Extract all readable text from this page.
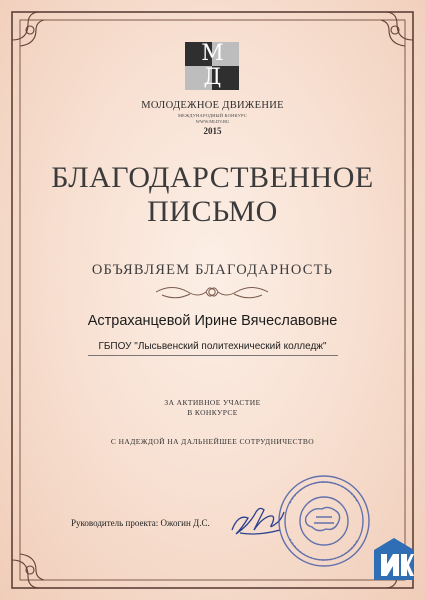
М
Д
МОЛОДЕЖНОЕ ДВИЖЕНИЕ
МЕЖДУНАРОДНЫЙ КОНКУРС
WWW.MLDV.RU
2015
БЛАГОДАРСТВЕННОЕ
ПИСЬМО
ОБЪЯВЛЯЕМ БЛАГОДАРНОСТЬ
Астраханцевой Ирине Вячеславовне
ГБПОУ "Лысьвенский политехнический колледж"
ЗА АКТИВНОЕ УЧАСТИЕ
В КОНКУРСЕ
С НАДЕЖДОЙ НА ДАЛЬНЕЙШЕЕ СОТРУДНИЧЕСТВО
Руководитель проекта: Ожогин Д.С.
